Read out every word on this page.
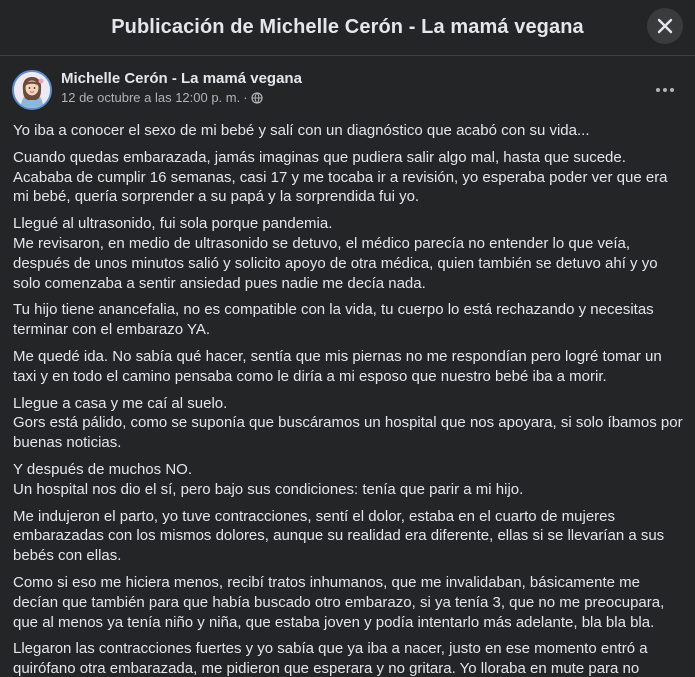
Publicación de Michelle Cerón - La mamá vegana
Michelle Cerón - La mamá vegana
12 de octubre a las 12:00 p. m. ·
Yo iba a conocer el sexo de mi bebé y salí con un diagnóstico que acabó con su vida...
Cuando quedas embarazada, jamás imaginas que pudiera salir algo mal, hasta que sucede.
Acababa de cumplir 16 semanas, casi 17 y me tocaba ir a revisión, yo esperaba poder ver que era mi bebé, quería sorprender a su papá y la sorprendida fui yo.
Llegué al ultrasonido, fui sola porque pandemia.
Me revisaron, en medio de ultrasonido se detuvo, el médico parecía no entender lo que veía, después de unos minutos salió y solicito apoyo de otra médica, quien también se detuvo ahí y yo solo comenzaba a sentir ansiedad pues nadie me decía nada.
Tu hijo tiene anancefalia, no es compatible con la vida, tu cuerpo lo está rechazando y necesitas terminar con el embarazo YA.
Me quedé ida. No sabía qué hacer, sentía que mis piernas no me respondían pero logré tomar un taxi y en todo el camino pensaba como le diría a mi esposo que nuestro bebé iba a morir.
Llegue a casa y me caí al suelo.
Gors está pálido, como se suponía que buscáramos un hospital que nos apoyara, si solo íbamos por buenas noticias.
Y después de muchos NO.
Un hospital nos dio el sí, pero bajo sus condiciones: tenía que parir a mi hijo.
Me indujeron el parto, yo tuve contracciones, sentí el dolor, estaba en el cuarto de mujeres embarazadas con los mismos dolores, aunque su realidad era diferente, ellas si se llevarían a sus bebés con ellas.
Como si eso me hiciera menos, recibí tratos inhumanos, que me invalidaban, básicamente me decían que también para que había buscado otro embarazo, si ya tenía 3, que no me preocupara, que al menos ya tenía niño y niña, que estaba joven y podía intentarlo más adelante, bla bla bla.
Llegaron las contracciones fuertes y yo sabía que ya iba a nacer, justo en ese momento entró a quirófano otra embarazada, me pidieron que esperara y no gritara. Yo lloraba en mute para no
